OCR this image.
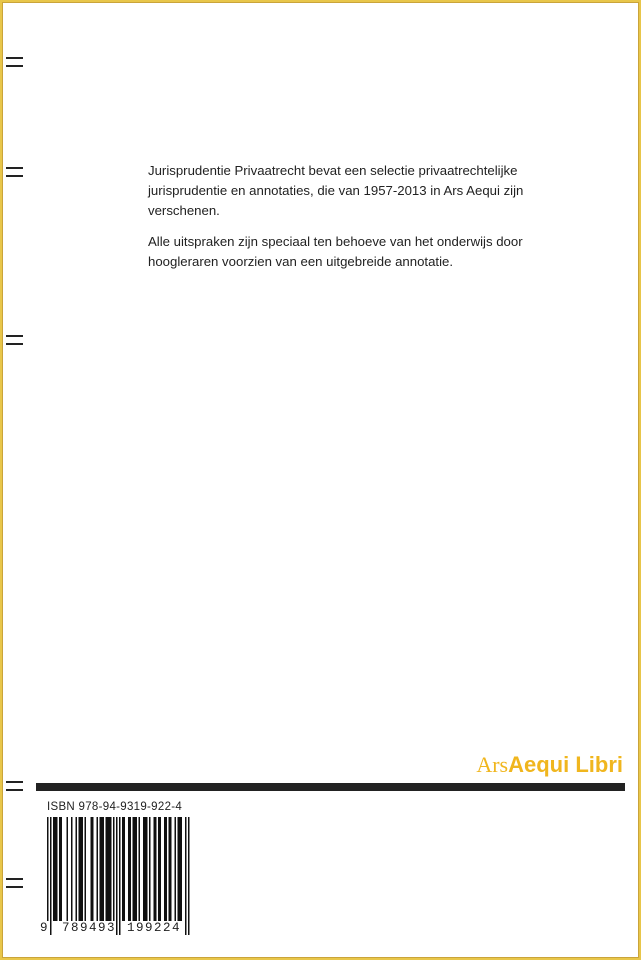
Jurisprudentie Privaatrecht bevat een selectie privaatrechtelijke jurisprudentie en annotaties, die van 1957-2013 in Ars Aequi zijn verschenen.

Alle uitspraken zijn speciaal ten behoeve van het onderwijs door hoogleraren voorzien van een uitgebreide annotatie.

ArsAequi Libri
ISBN 978-94-9319-922-4
9 789493 199224
